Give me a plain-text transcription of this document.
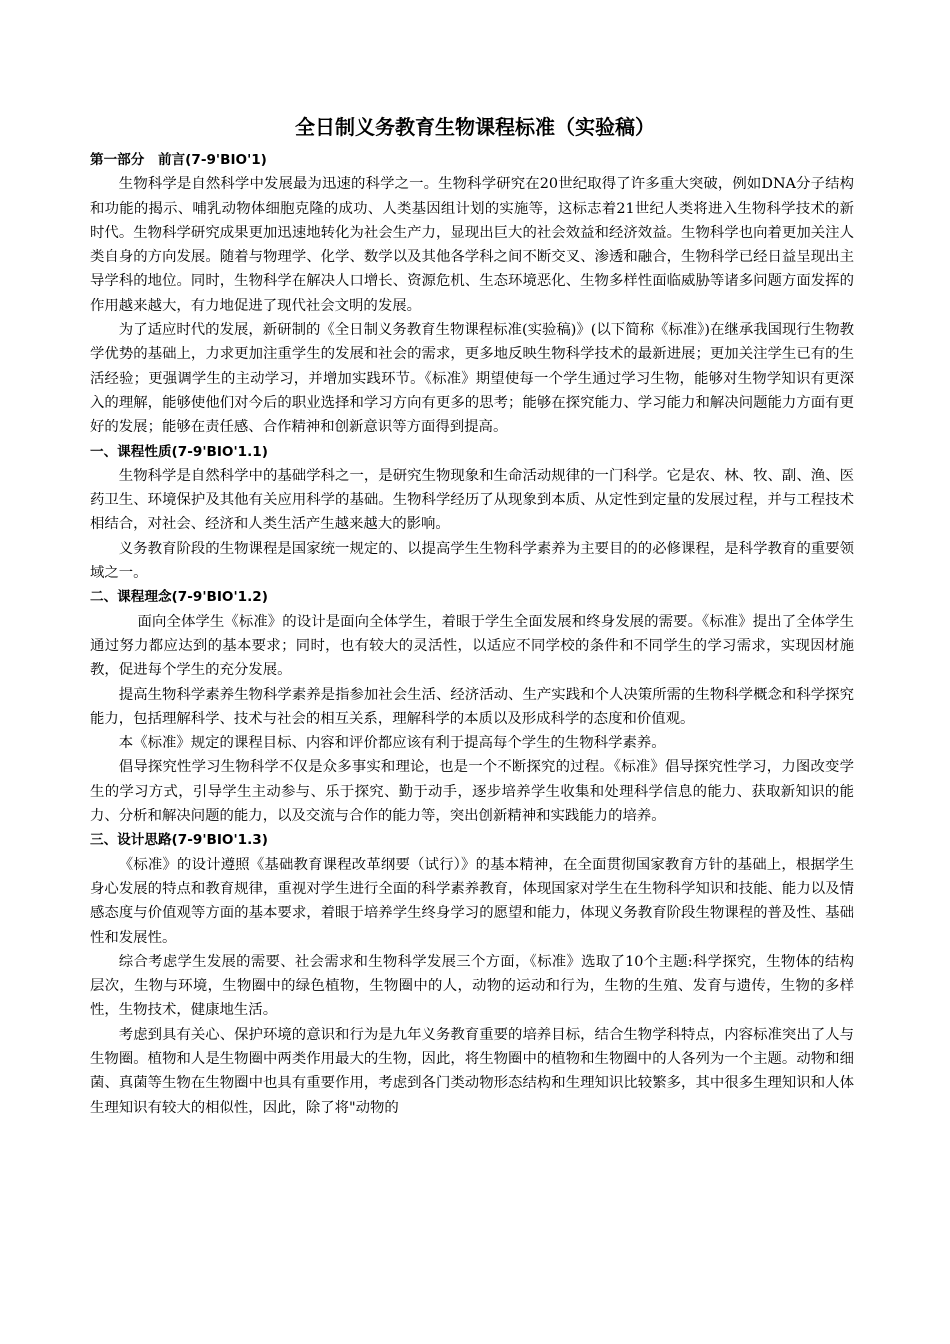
全日制义务教育生物课程标准（实验稿）
第一部分　前言(7-9'BIO'1)

生物科学是自然科学中发展最为迅速的科学之一。生物科学研究在20世纪取得了许多重大突破，例如DNA分子结构和功能的揭示、哺乳动物体细胞克隆的成功、人类基因组计划的实施等，这标志着21世纪人类将进入生物科学技术的新时代。生物科学研究成果更加迅速地转化为社会生产力，显现出巨大的社会效益和经济效益。生物科学也向着更加关注人类自身的方向发展。随着与物理学、化学、数学以及其他各学科之间不断交叉、渗透和融合，生物科学已经日益呈现出主导学科的地位。同时，生物科学在解决人口增长、资源危机、生态环境恶化、生物多样性面临威胁等诸多问题方面发挥的作用越来越大，有力地促进了现代社会文明的发展。

为了适应时代的发展，新研制的《全日制义务教育生物课程标准(实验稿)》(以下简称《标准》)在继承我国现行生物教学优势的基础上，力求更加注重学生的发展和社会的需求，更多地反映生物科学技术的最新进展；更加关注学生已有的生活经验；更强调学生的主动学习，并增加实践环节。《标准》期望使每一个学生通过学习生物，能够对生物学知识有更深入的理解，能够使他们对今后的职业选择和学习方向有更多的思考；能够在探究能力、学习能力和解决问题能力方面有更好的发展；能够在责任感、合作精神和创新意识等方面得到提高。

一、课程性质(7-9'BIO'1.1)

生物科学是自然科学中的基础学科之一，是研究生物现象和生命活动规律的一门科学。它是农、林、牧、副、渔、医药卫生、环境保护及其他有关应用科学的基础。生物科学经历了从现象到本质、从定性到定量的发展过程，并与工程技术相结合，对社会、经济和人类生活产生越来越大的影响。

义务教育阶段的生物课程是国家统一规定的、以提高学生生物科学素养为主要目的的必修课程，是科学教育的重要领域之一。

二、课程理念(7-9'BIO'1.2)

面向全体学生《标准》的设计是面向全体学生，着眼于学生全面发展和终身发展的需要。《标准》提出了全体学生通过努力都应达到的基本要求；同时，也有较大的灵活性，以适应不同学校的条件和不同学生的学习需求，实现因材施教，促进每个学生的充分发展。

提高生物科学素养生物科学素养是指参加社会生活、经济活动、生产实践和个人决策所需的生物科学概念和科学探究能力，包括理解科学、技术与社会的相互关系，理解科学的本质以及形成科学的态度和价值观。

本《标准》规定的课程目标、内容和评价都应该有利于提高每个学生的生物科学素养。

倡导探究性学习生物科学不仅是众多事实和理论，也是一个不断探究的过程。《标准》倡导探究性学习，力图改变学生的学习方式，引导学生主动参与、乐于探究、勤于动手，逐步培养学生收集和处理科学信息的能力、获取新知识的能力、分析和解决问题的能力，以及交流与合作的能力等，突出创新精神和实践能力的培养。

三、设计思路(7-9'BIO'1.3)

《标准》的设计遵照《基础教育课程改革纲要（试行）》的基本精神，在全面贯彻国家教育方针的基础上，根据学生身心发展的特点和教育规律，重视对学生进行全面的科学素养教育，体现国家对学生在生物科学知识和技能、能力以及情感态度与价值观等方面的基本要求，着眼于培养学生终身学习的愿望和能力，体现义务教育阶段生物课程的普及性、基础性和发展性。

综合考虑学生发展的需要、社会需求和生物科学发展三个方面，《标准》选取了10个主题:科学探究，生物体的结构层次，生物与环境，生物圈中的绿色植物，生物圈中的人，动物的运动和行为，生物的生殖、发育与遗传，生物的多样性，生物技术，健康地生活。

考虑到具有关心、保护环境的意识和行为是九年义务教育重要的培养目标，结合生物学科特点，内容标准突出了人与生物圈。植物和人是生物圈中两类作用最大的生物，因此，将生物圈中的植物和生物圈中的人各列为一个主题。动物和细菌、真菌等生物在生物圈中也具有重要作用，考虑到各门类动物形态结构和生理知识比较繁多，其中很多生理知识和人体生理知识有较大的相似性，因此，除了将"动物的
